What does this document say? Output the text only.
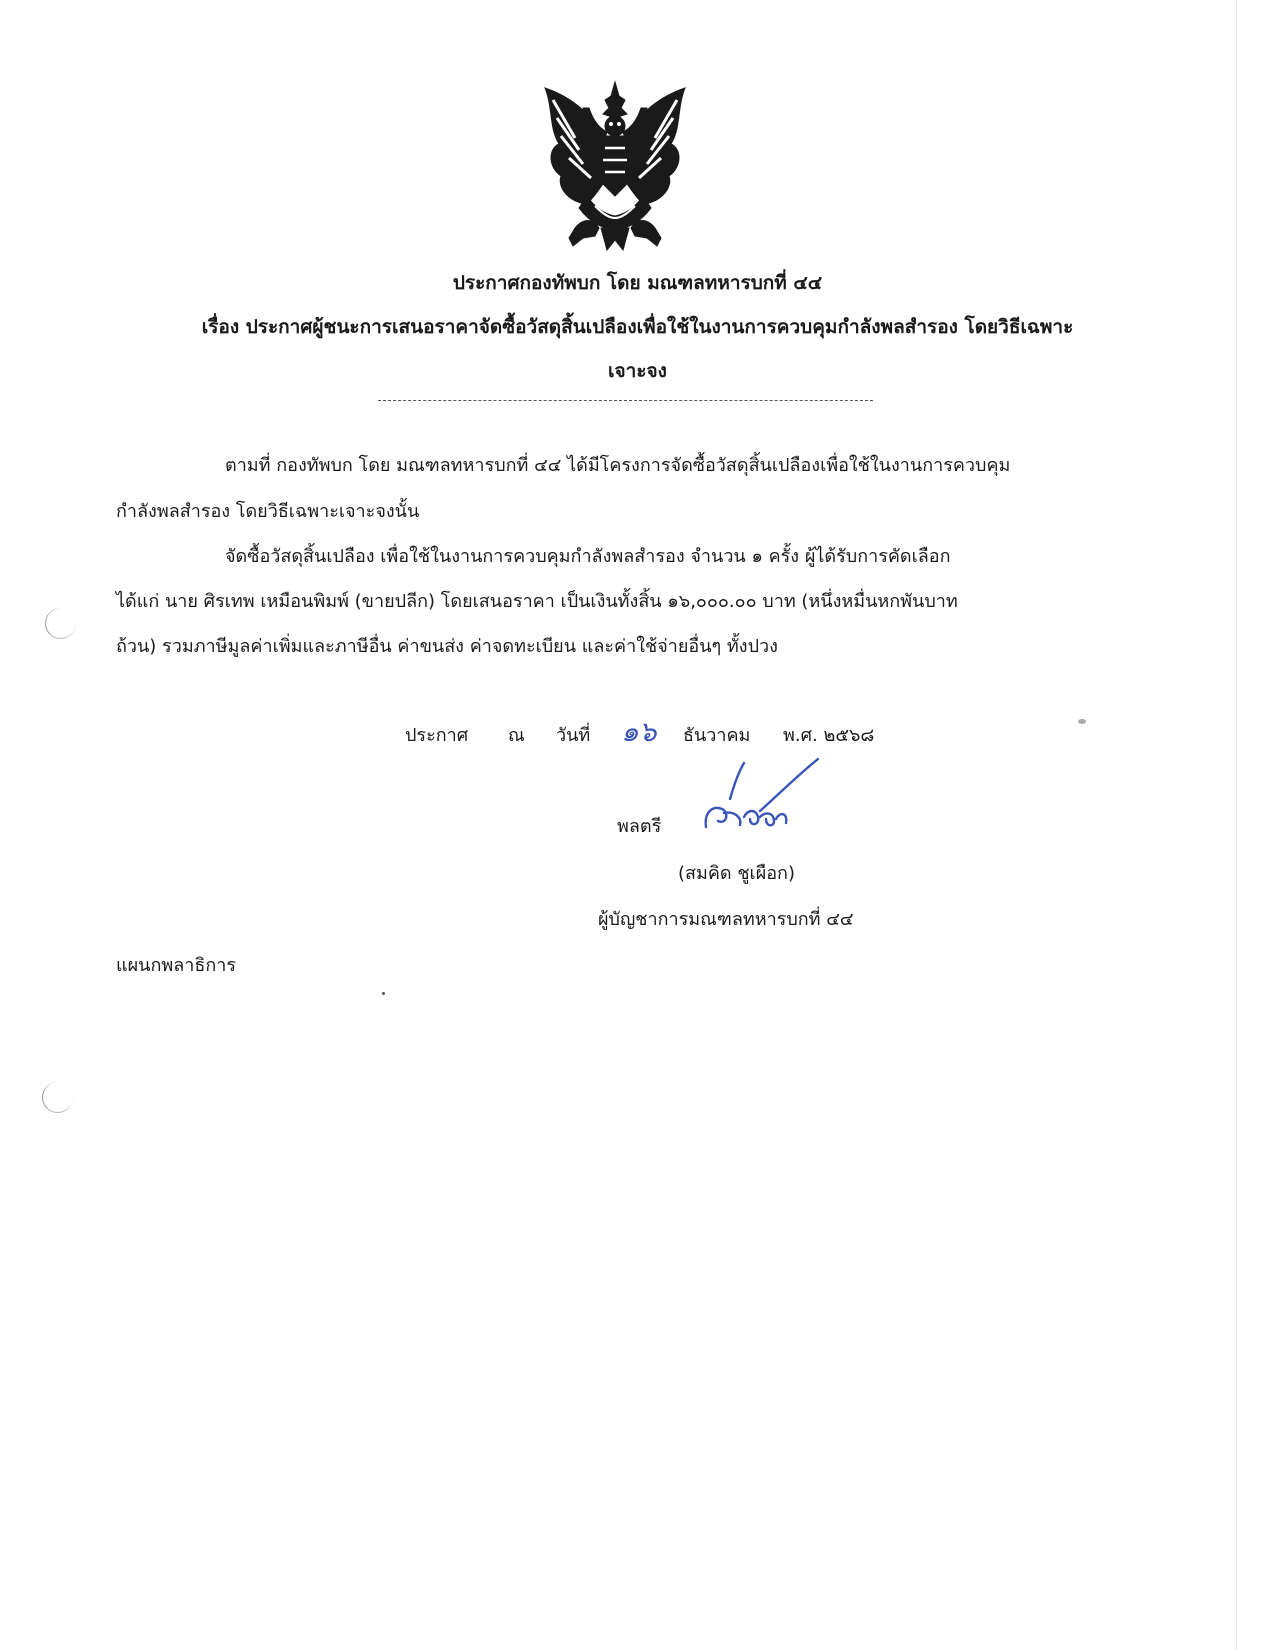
ประกาศกองทัพบก โดย มณฑลทหารบกที่ ๔๔
เรื่อง ประกาศผู้ชนะการเสนอราคาจัดซื้อวัสดุสิ้นเปลืองเพื่อใช้ในงานการควบคุมกำลังพลสำรอง โดยวิธีเฉพาะ
เจาะจง
ตามที่ กองทัพบก โดย มณฑลทหารบกที่ ๔๔ ได้มีโครงการจัดซื้อวัสดุสิ้นเปลืองเพื่อใช้ในงานการควบคุม
กำลังพลสำรอง โดยวิธีเฉพาะเจาะจงนั้น
จัดซื้อวัสดุสิ้นเปลือง เพื่อใช้ในงานการควบคุมกำลังพลสำรอง จำนวน ๑ ครั้ง ผู้ได้รับการคัดเลือก
ได้แก่ นาย ศิรเทพ เหมือนพิมพ์ (ขายปลีก) โดยเสนอราคา เป็นเงินทั้งสิ้น ๑๖,๐๐๐.๐๐ บาท (หนึ่งหมื่นหกพันบาท
ถ้วน) รวมภาษีมูลค่าเพิ่มและภาษีอื่น ค่าขนส่ง ค่าจดทะเบียน และค่าใช้จ่ายอื่นๆ ทั้งปวง
ประกาศ ณ วันที่ ๑๖ ธันวาคม พ.ศ. ๒๕๖๘
พลตรี
(สมคิด ชูเผือก)
ผู้บัญชาการมณฑลทหารบกที่ ๔๔
แผนกพลาธิการ
